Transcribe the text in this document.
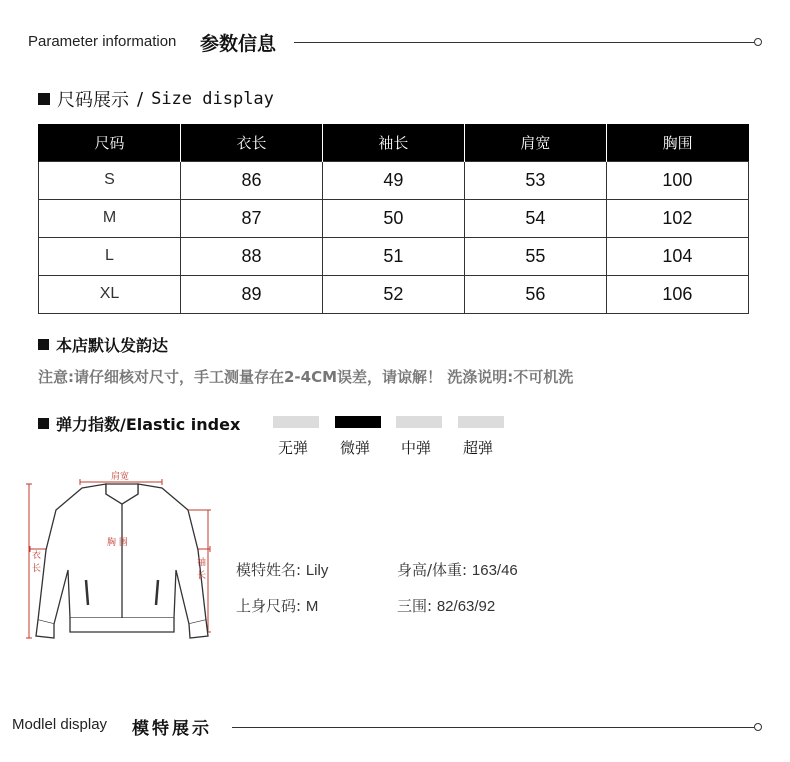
Parameter information 参数信息
尺码展示 / Size display
尺码	衣长	袖长	肩宽	胸围
S	86	49	53	100
M	87	50	54	102
L	88	51	55	104
XL	89	52	56	106
本店默认发韵达
注意:请仔细核对尺寸，手工测量存在2-4CM误差，请谅解！ 洗涤说明:不可机洗
弹力指数/Elastic index
无弹 微弹 中弹 超弹
肩宽
胸 围
衣
长
袖
长 模特姓名: Lily	身高/体重: 163/46
上身尺码: M	三围: 82/63/92
Modlel display 模特展示
